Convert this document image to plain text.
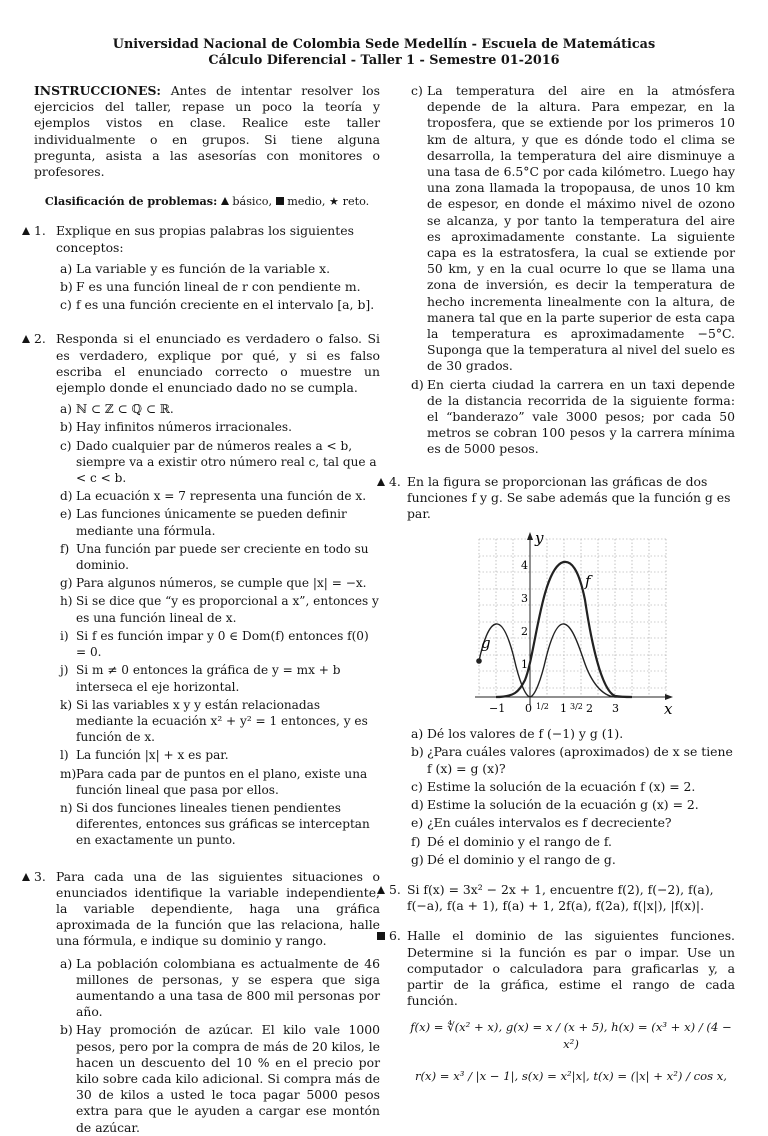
Universidad Nacional de Colombia Sede Medellín - Escuela de Matemáticas
Cálculo Diferencial - Taller 1 - Semestre 01-2016

INSTRUCCIONES: Antes de intentar resolver los ejercicios del taller, repase un poco la teoría y ejemplos vistos en clase. Realice este taller individualmente o en grupos. Si tiene alguna pregunta, asista a las asesorías con monitores o profesores.

Clasificación de problemas: básico, medio, ★ reto.

1. Explique en sus propias palabras los siguientes conceptos:

a) La variable y es función de la variable x.
b) F es una función lineal de r con pendiente m.
c) f es una función creciente en el intervalo [a, b].
2. Responda si el enunciado es verdadero o falso. Si es verdadero, explique por qué, y si es falso escriba el enunciado correcto o muestre un ejemplo donde el enunciado dado no se cumpla.

a) ℕ ⊂ ℤ ⊂ ℚ ⊂ ℝ.
b) Hay infinitos números irracionales.
c) Dado cualquier par de números reales a < b, siempre va a existir otro número real c, tal que a < c < b.
d) La ecuación x = 7 representa una función de x.
e) Las funciones únicamente se pueden definir mediante una fórmula.
f) Una función par puede ser creciente en todo su dominio.
g) Para algunos números, se cumple que |x| = −x.
h) Si se dice que “y es proporcional a x”, entonces y es una función lineal de x.
i) Si f es función impar y 0 ∈ Dom(f) entonces f(0) = 0.
j) Si m ≠ 0 entonces la gráfica de y = mx + b interseca el eje horizontal.
k) Si las variables x y y están relacionadas mediante la ecuación x² + y² = 1 entonces, y es función de x.
l) La función |x| + x es par.
m) Para cada par de puntos en el plano, existe una función lineal que pasa por ellos.
n) Si dos funciones lineales tienen pendientes diferentes, entonces sus gráficas se interceptan en exactamente un punto.
3. Para cada una de las siguientes situaciones o enunciados identifique la variable independiente, la variable dependiente, haga una gráfica aproximada de la función que las relaciona, halle una fórmula, e indique su dominio y rango.

a) La población colombiana es actualmente de 46 millones de personas, y se espera que siga aumentando a una tasa de 800 mil personas por año.
b) Hay promoción de azúcar. El kilo vale 1000 pesos, pero por la compra de más de 20 kilos, le hacen un descuento del 10 % en el precio por kilo sobre cada kilo adicional. Si compra más de 30 de kilos a usted le toca pagar 5000 pesos extra para que le ayuden a cargar ese montón de azúcar.
c) La temperatura del aire en la atmósfera depende de la altura. Para empezar, en la troposfera, que se extiende por los primeros 10 km de altura, y que es dónde todo el clima se desarrolla, la temperatura del aire disminuye a una tasa de 6.5°C por cada kilómetro. Luego hay una zona llamada la tropopausa, de unos 10 km de espesor, en donde el máximo nivel de ozono se alcanza, y por tanto la temperatura del aire es aproximadamente constante. La siguiente capa es la estratosfera, la cual se extiende por 50 km, y en la cual ocurre lo que se llama una zona de inversión, es decir la temperatura de hecho incrementa linealmente con la altura, de manera tal que en la parte superior de esta capa la temperatura es aproximadamente −5°C. Suponga que la temperatura al nivel del suelo es de 30 grados.
d) En cierta ciudad la carrera en un taxi depende de la distancia recorrida de la siguiente forma: el “banderazo” vale 3000 pesos; por cada 50 metros se cobran 100 pesos y la carrera mínima es de 5000 pesos.
4. En la figura se proporcionan las gráficas de dos funciones f y g. Se sabe además que la función g es par.

y
x
f
g
1
2
3
4
−1 0 1/2 1 3/2 2 3
a) Dé los valores de f (−1) y g (1).
b) ¿Para cuáles valores (aproximados) de x se tiene f (x) = g (x)?
c) Estime la solución de la ecuación f (x) = 2.
d) Estime la solución de la ecuación g (x) = 2.
e) ¿En cuáles intervalos es f decreciente?
f) Dé el dominio y el rango de f.
g) Dé el dominio y el rango de g.
5. Si f(x) = 3x² − 2x + 1, encuentre f(2), f(−2), f(a), f(−a), f(a + 1), f(a) + 1, 2f(a), f(2a), f(|x|), |f(x)|.

6. Halle el dominio de las siguientes funciones. Determine si la función es par o impar. Use un computador o calculadora para graficarlas y, a partir de la gráfica, estime el rango de cada función.

f(x) = ∜(x² + x), g(x) = x / (x + 5), h(x) = (x³ + x) / (4 − x²)
r(x) = x³ / |x − 1|, s(x) = x²|x|, t(x) = (|x| + x²) / cos x,
